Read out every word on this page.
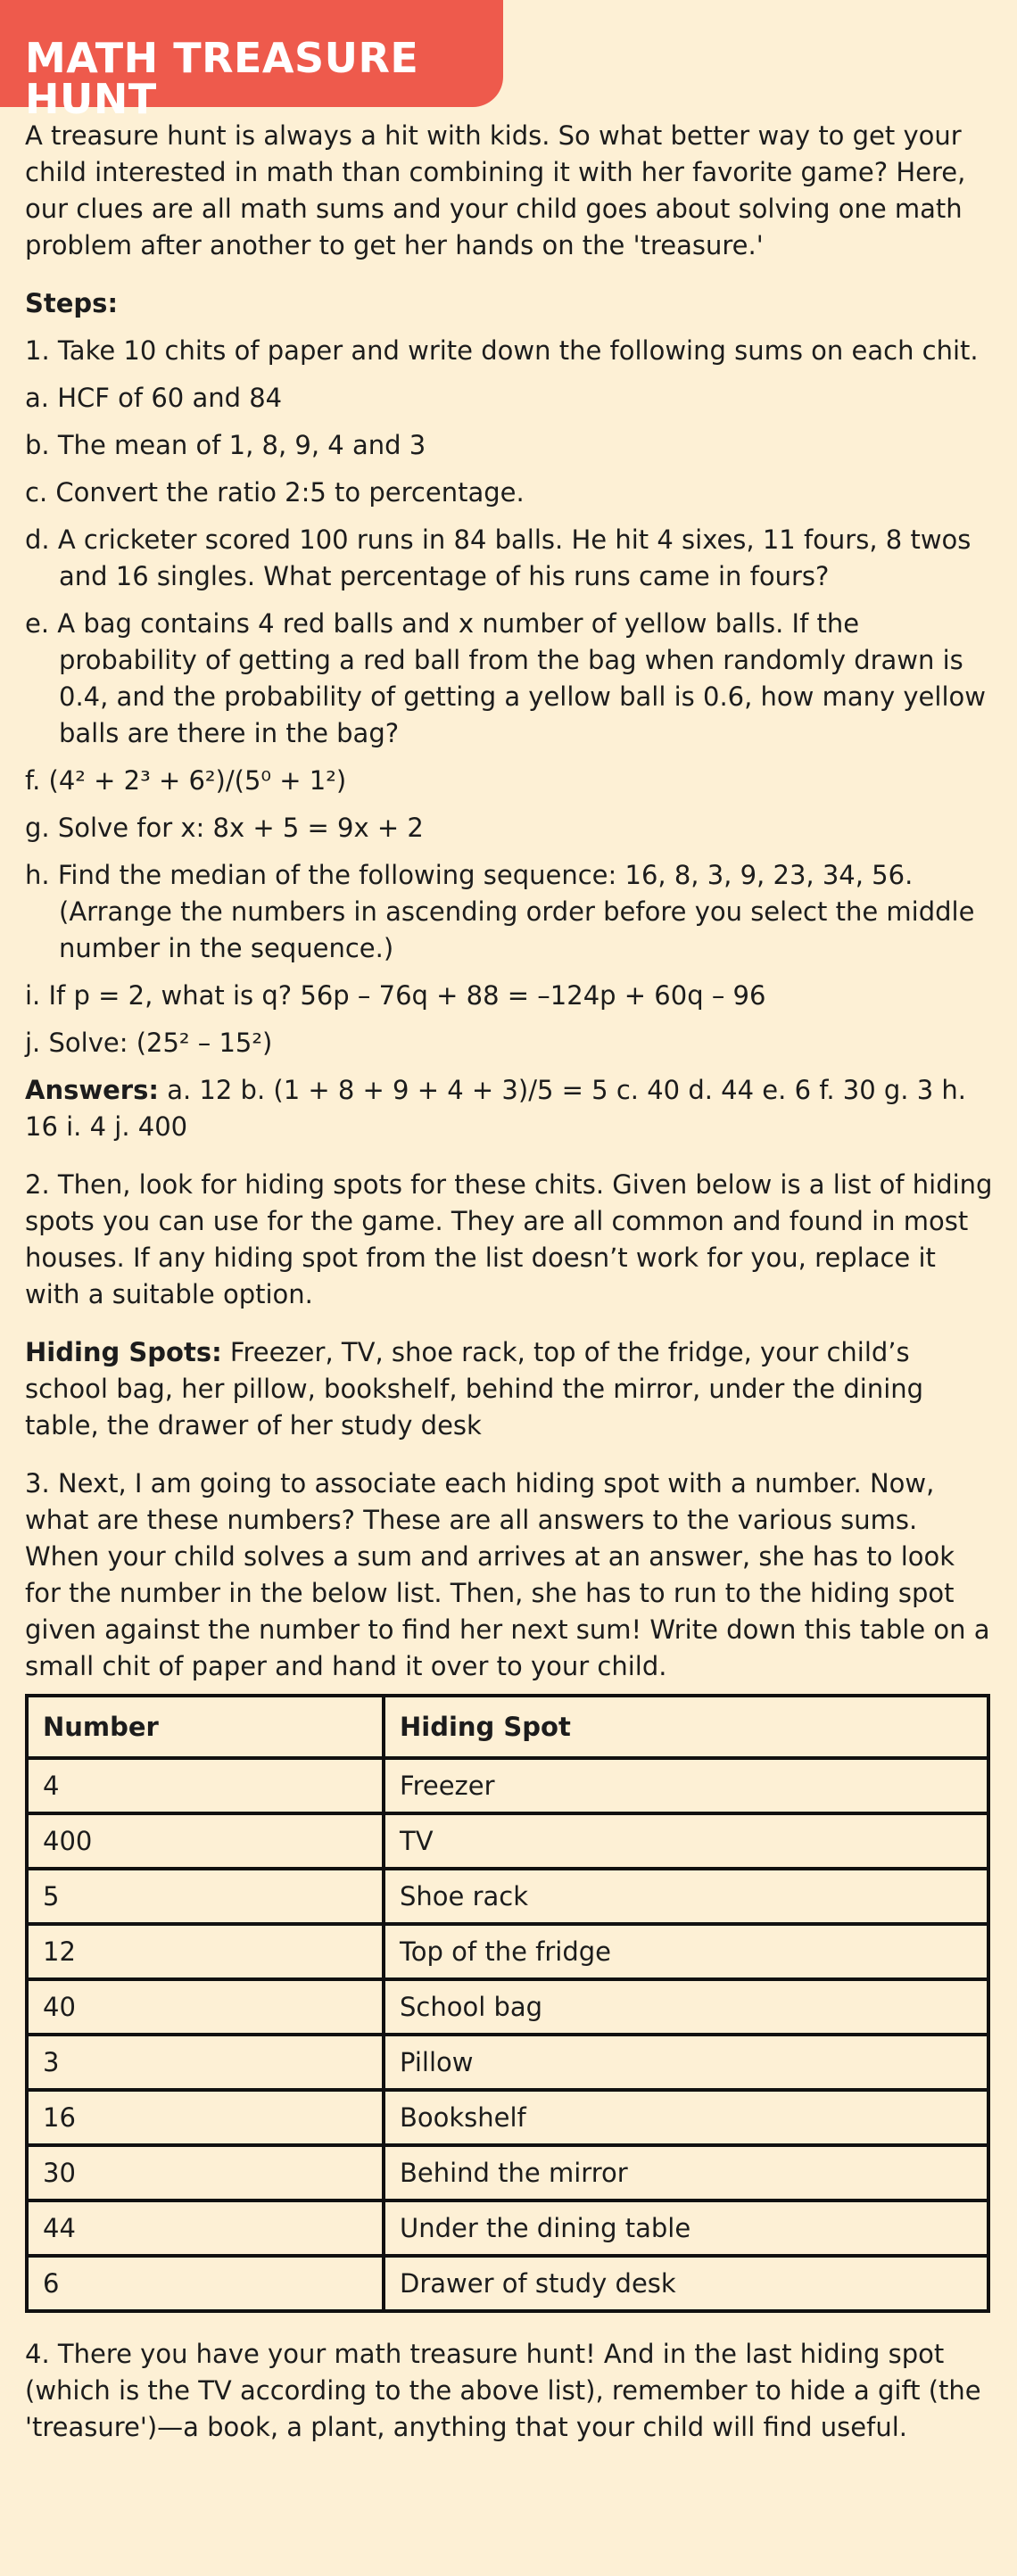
MATH TREASURE HUNT

A treasure hunt is always a hit with kids. So what better way to get your child interested in math than combining it with her favorite game? Here, our clues are all math sums and your child goes about solving one math problem after another to get her hands on the 'treasure.'

Steps:

1. Take 10 chits of paper and write down the following sums on each chit.

a. HCF of 60 and 84

b. The mean of 1, 8, 9, 4 and 3

c. Convert the ratio 2:5 to percentage.

d. A cricketer scored 100 runs in 84 balls. He hit 4 sixes, 11 fours, 8 twos and 16 singles. What percentage of his runs came in fours?

e. A bag contains 4 red balls and x number of yellow balls. If the probability of getting a red ball from the bag when randomly drawn is 0.4, and the probability of getting a yellow ball is 0.6, how many yellow balls are there in the bag?

f. (4² + 2³ + 6²)/(5⁰ + 1²)

g. Solve for x: 8x + 5 = 9x + 2

h. Find the median of the following sequence: 16, 8, 3, 9, 23, 34, 56. (Arrange the numbers in ascending order before you select the middle number in the sequence.)

i. If p = 2, what is q? 56p – 76q + 88 = –124p + 60q – 96

j. Solve: (25² – 15²)

Answers: a. 12 b. (1 + 8 + 9 + 4 + 3)/5 = 5 c. 40 d. 44 e. 6 f. 30 g. 3 h. 16 i. 4 j. 400

2. Then, look for hiding spots for these chits. Given below is a list of hiding spots you can use for the game. They are all common and found in most houses. If any hiding spot from the list doesn’t work for you, replace it with a suitable option.

Hiding Spots: Freezer, TV, shoe rack, top of the fridge, your child’s school bag, her pillow, bookshelf, behind the mirror, under the dining table, the drawer of her study desk

3. Next, I am going to associate each hiding spot with a number. Now, what are these numbers? These are all answers to the various sums. When your child solves a sum and arrives at an answer, she has to look for the number in the below list. Then, she has to run to the hiding spot given against the number to find her next sum! Write down this table on a small chit of paper and hand it over to your child.

Number	Hiding Spot
4	Freezer
400	TV
5	Shoe rack
12	Top of the fridge
40	School bag
3	Pillow
16	Bookshelf
30	Behind the mirror
44	Under the dining table
6	Drawer of study desk

4. There you have your math treasure hunt! And in the last hiding spot (which is the TV according to the above list), remember to hide a gift (the 'treasure')—a book, a plant, anything that your child will find useful.
